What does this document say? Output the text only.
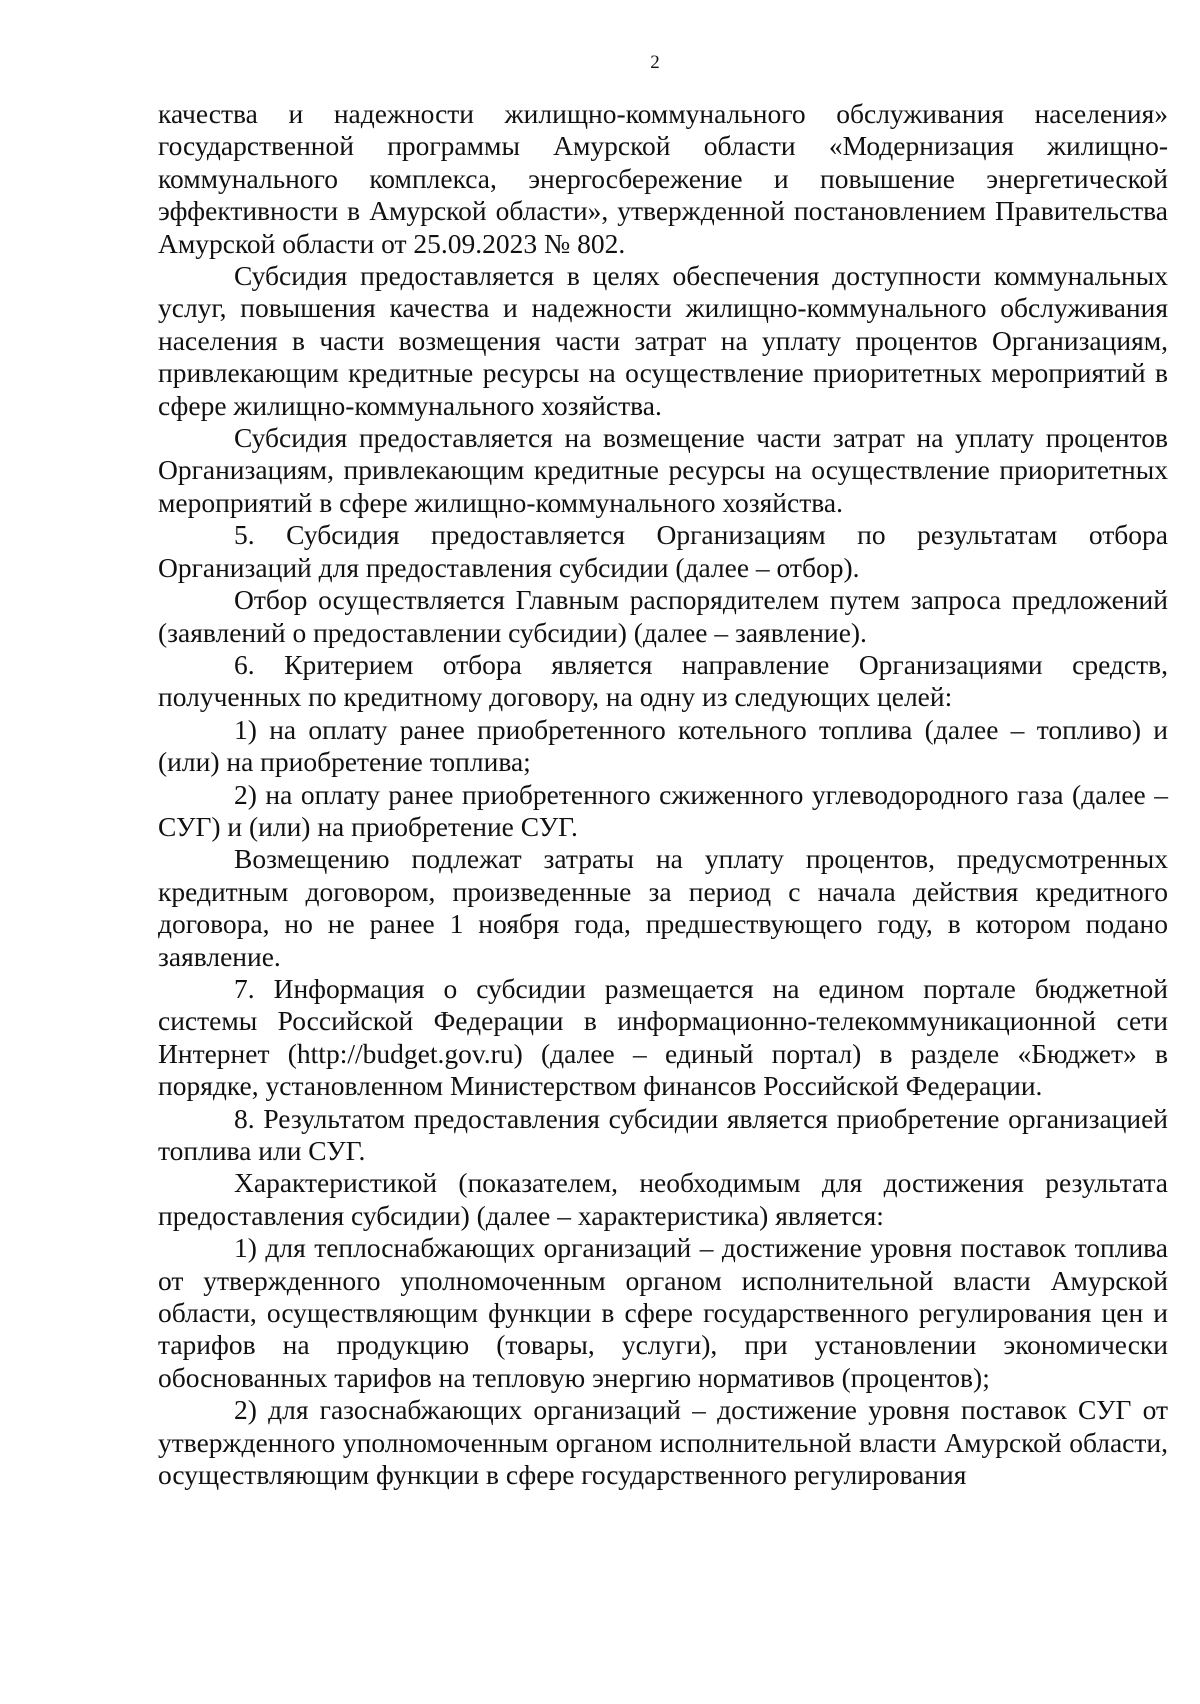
2

качества и надежности жилищно-коммунального обслуживания населения» государственной программы Амурской области «Модернизация жилищно-коммунального комплекса, энергосбережение и повышение энергетической эффективности в Амурской области», утвержденной постановлением Правительства Амурской области от 25.09.2023 № 802.

Субсидия предоставляется в целях обеспечения доступности коммунальных услуг, повышения качества и надежности жилищно-коммунального обслуживания населения в части возмещения части затрат на уплату процентов Организациям, привлекающим кредитные ресурсы на осуществление приоритетных мероприятий в сфере жилищно-коммунального хозяйства.

Субсидия предоставляется на возмещение части затрат на уплату процентов Организациям, привлекающим кредитные ресурсы на осуществление приоритетных мероприятий в сфере жилищно-коммунального хозяйства.

5. Субсидия предоставляется Организациям по результатам отбора Организаций для предоставления субсидии (далее – отбор).

Отбор осуществляется Главным распорядителем путем запроса предложений (заявлений о предоставлении субсидии) (далее – заявление).

6. Критерием отбора является направление Организациями средств, полученных по кредитному договору, на одну из следующих целей:

1) на оплату ранее приобретенного котельного топлива (далее – топливо) и (или) на приобретение топлива;

2) на оплату ранее приобретенного сжиженного углеводородного газа (далее – СУГ) и (или) на приобретение СУГ.

Возмещению подлежат затраты на уплату процентов, предусмотренных кредитным договором, произведенные за период с начала действия кредитного договора, но не ранее 1 ноября года, предшествующего году, в котором подано заявление.

7. Информация о субсидии размещается на едином портале бюджетной системы Российской Федерации в информационно-телекоммуникационной сети Интернет (http://budget.gov.ru) (далее – единый портал) в разделе «Бюджет» в порядке, установленном Министерством финансов Российской Федерации.

8. Результатом предоставления субсидии является приобретение организацией топлива или СУГ.

Характеристикой (показателем, необходимым для достижения результата предоставления субсидии) (далее – характеристика) является:

1) для теплоснабжающих организаций – достижение уровня поставок топлива от утвержденного уполномоченным органом исполнительной власти Амурской области, осуществляющим функции в сфере государственного регулирования цен и тарифов на продукцию (товары, услуги), при установлении экономически обоснованных тарифов на тепловую энергию нормативов (процентов);

2) для газоснабжающих организаций – достижение уровня поставок СУГ от утвержденного уполномоченным органом исполнительной власти Амурской области, осуществляющим функции в сфере государственного регулирования
